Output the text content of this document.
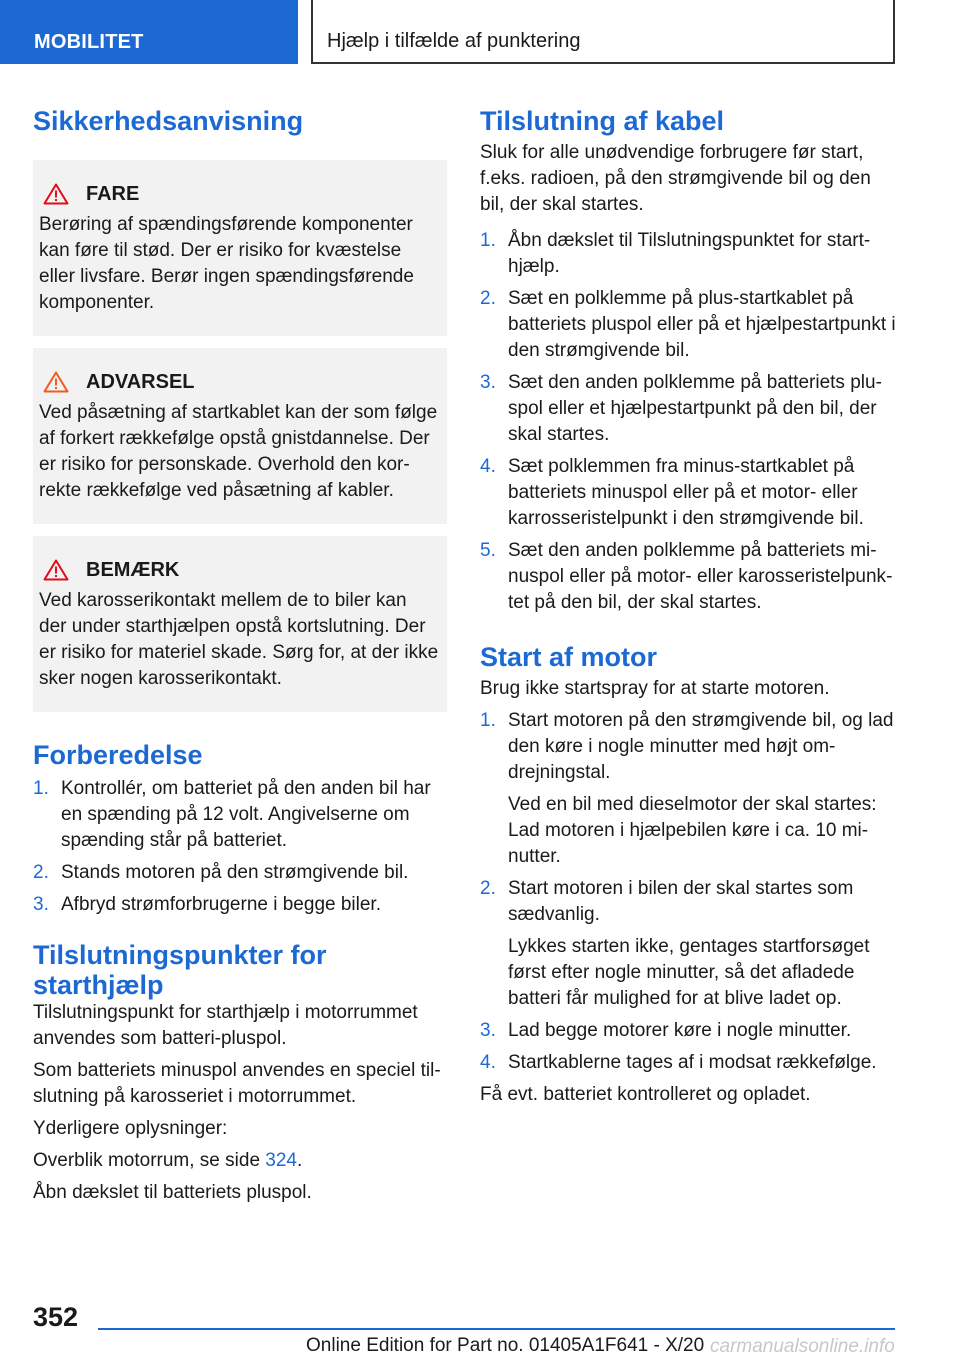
MOBILITET	Hjælp i tilfælde af punktering
Sikkerhedsanvisning
FARE

Berøring af spændingsførende komponenter kan føre til stød. Der er risiko for kvæstelse eller livsfare. Berør ingen spændingsførende komponenter.

ADVARSEL

Ved påsætning af startkablet kan der som følge af forkert rækkefølge opstå gnistdannelse. Der er risiko for personskade. Overhold den korrekte rækkefølge ved påsætning af kabler.

BEMÆRK

Ved karosserikontakt mellem de to biler kan der under starthjælpen opstå kortslutning. Der er risiko for materiel skade. Sørg for, at der ikke sker nogen karosserikontakt.

Forberedelse
1. Kontrollér, om batteriet på den anden bil har en spænding på 12 volt. Angivelserne om spænding står på batteriet.
2. Stands motoren på den strømgivende bil.
3. Afbryd strømforbrugerne i begge biler.
Tilslutningspunkter for starthjælp

Tilslutningspunkt for starthjælp i motorrummet anvendes som batteri-pluspol.

Som batteriets minuspol anvendes en speciel tilslutning på karosseriet i motorrummet.

Yderligere oplysninger:

Overblik motorrum, se side 324.

Åbn dækslet til batteriets pluspol.

Tilslutning af kabel

Sluk for alle unødvendige forbrugere før start, f.eks. radioen, på den strømgivende bil og den bil, der skal startes.

1. Åbn dækslet til Tilslutningspunktet for starthjælp.
2. Sæt en polklemme på plus-startkablet på batteriets pluspol eller på et hjælpestartpunkt i den strømgivende bil.
3. Sæt den anden polklemme på batteriets pluspol eller et hjælpestartpunkt på den bil, der skal startes.
4. Sæt polklemmen fra minus-startkablet på batteriets minuspol eller på et motor- eller karrosseristelpunkt i den strømgivende bil.
5. Sæt den anden polklemme på batteriets minuspol eller på motor- eller karosseristelpunktet på den bil, der skal startes.
Start af motor

Brug ikke startspray for at starte motoren.

1. Start motoren på den strømgivende bil, og lad den køre i nogle minutter med højt omdrejningstal.

Ved en bil med dieselmotor der skal startes: Lad motoren i hjælpebilen køre i ca. 10 minutter.

2. Start motoren i bilen der skal startes som sædvanlig.

Lykkes starten ikke, gentages startforsøget først efter nogle minutter, så det afladede batteri får mulighed for at blive ladet op.

3. Lad begge motorer køre i nogle minutter.
4. Startkablerne tages af i modsat rækkefølge.

Få evt. batteriet kontrolleret og opladet.

352
Online Edition for Part no. 01405A1F641 - X/20 carmanualsonline.info
